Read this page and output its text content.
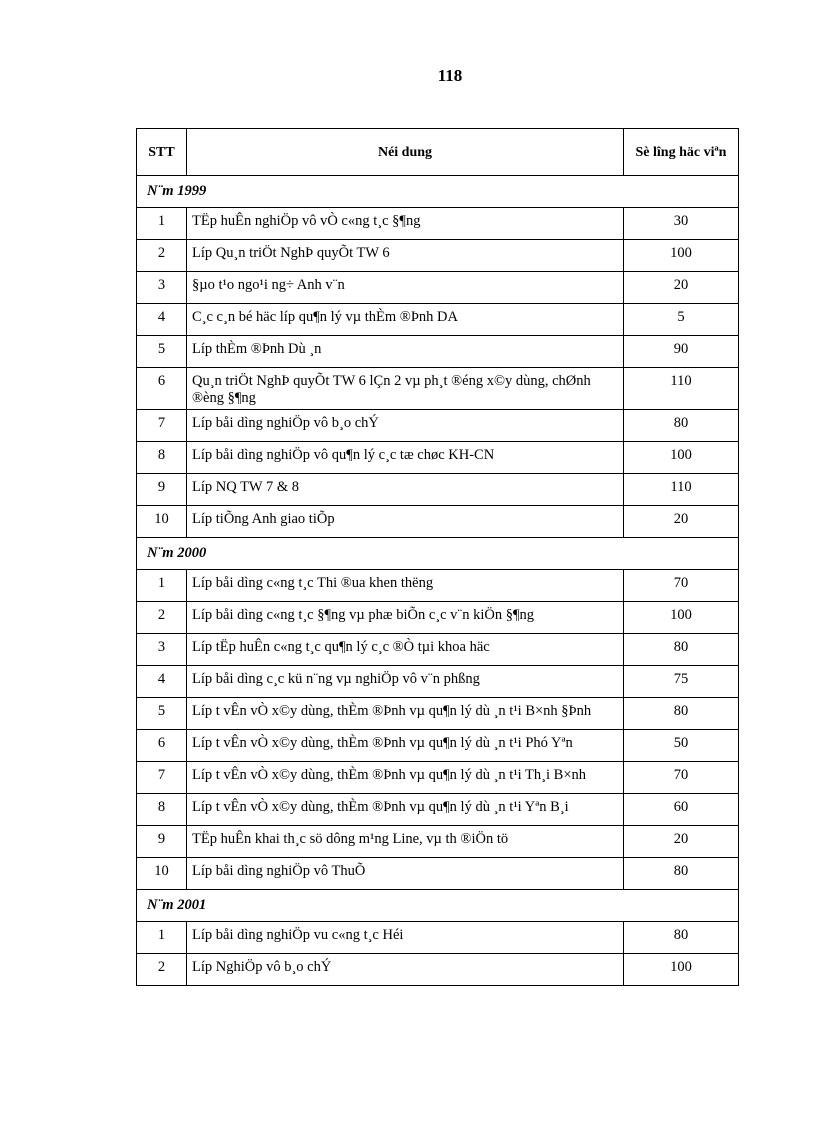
118
STT	Néi dung	Sè lîng häc viªn
N¨m 1999		
1	TËp huÊn nghiÖp vô vÒ c«ng t¸c §¶ng	30
2	Líp Qu¸n triÖt NghÞ quyÕt TW 6	100
3	§µo t¹o ngo¹i ng÷ Anh v¨n	20
4	C¸c c¸n bé häc líp qu¶n lý vµ thÈm ®Þnh DA	5
5	Líp thÈm ®Þnh Dù ¸n	90
6	Qu¸n triÖt NghÞ quyÕt TW 6 lÇn 2 vµ ph¸t ®éng x©y dùng, chØnh ®èng §¶ng	110
7	Líp båi dìng nghiÖp vô b¸o chÝ	80
8	Líp båi dìng nghiÖp vô qu¶n lý c¸c tæ chøc KH-CN	100
9	Líp NQ TW 7 & 8	110
10	Líp tiÕng Anh giao tiÕp	20
N¨m 2000		
1	Líp båi dìng c«ng t¸c Thi ®ua khen thëng	70
2	Líp båi dìng c«ng t¸c §¶ng vµ phæ biÕn c¸c v¨n kiÖn §¶ng	100
3	Líp tËp huÊn c«ng t¸c qu¶n lý c¸c ®Ò tµi khoa häc	80
4	Líp båi dìng c¸c kü n¨ng vµ nghiÖp vô v¨n phßng	75
5	Líp t vÊn vÒ x©y dùng, thÈm ®Þnh vµ qu¶n lý dù ¸n t¹i B×nh §Þnh	80
6	Líp t vÊn vÒ x©y dùng, thÈm ®Þnh vµ qu¶n lý dù ¸n t¹i Phó Yªn	50
7	Líp t vÊn vÒ x©y dùng, thÈm ®Þnh vµ qu¶n lý dù ¸n t¹i Th¸i B×nh	70
8	Líp t vÊn vÒ x©y dùng, thÈm ®Þnh vµ qu¶n lý dù ¸n t¹i Yªn B¸i	60
9	TËp huÊn khai th¸c sö dông m¹ng Line, vµ th ®iÖn tö	20
10	Líp båi dìng nghiÖp vô ThuÕ	80
N¨m 2001		
1	Líp båi dìng nghiÖp vu c«ng t¸c Héi	80
2	Líp NghiÖp vô b¸o chÝ	100
